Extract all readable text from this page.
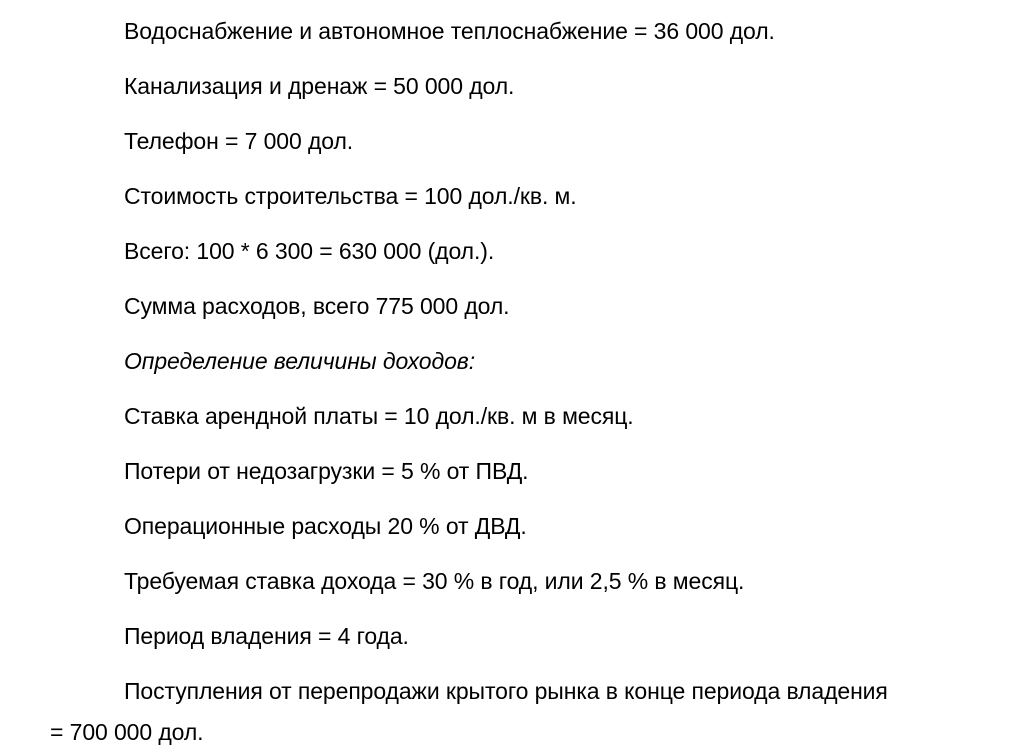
Водоснабжение и автономное теплоснабжение = 36 000 дол.
Канализация и дренаж = 50 000 дол.
Телефон = 7 000 дол.
Стоимость строительства = 100 дол./кв. м.
Всего: 100 * 6 300 = 630 000 (дол.).
Сумма расходов, всего 775 000 дол.
Определение величины доходов:
Ставка арендной платы = 10 дол./кв. м в месяц.
Потери от недозагрузки = 5 % от ПВД.
Операционные расходы 20 % от ДВД.
Требуемая ставка дохода = 30 % в год, или 2,5 % в месяц.
Период владения = 4 года.
Поступления от перепродажи крытого рынка в конце периода владения
= 700 000 дол.
